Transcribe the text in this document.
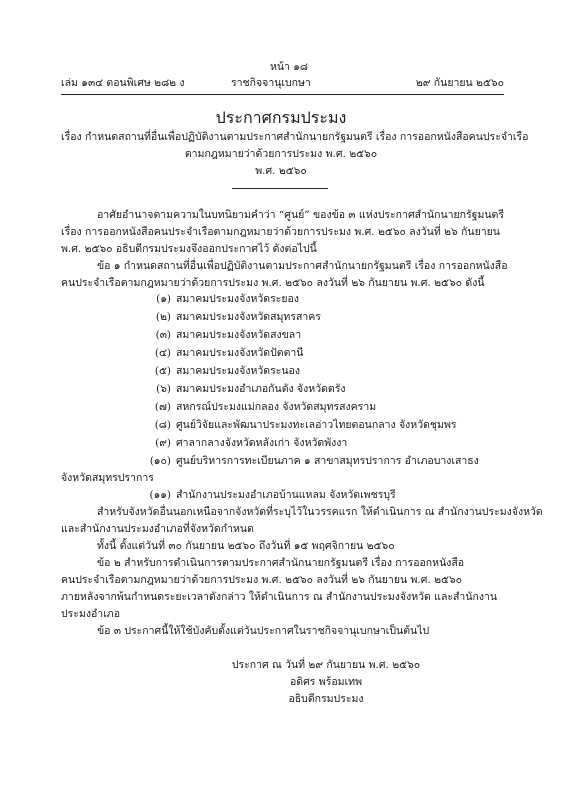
หน้า ๑๘
เล่ม ๑๓๔ ตอนพิเศษ ๒๘๒ ง	ราชกิจจานุเบกษา	๒๙ กันยายน ๒๕๖๐
ประกาศกรมประมง
เรื่อง กำหนดสถานที่อื่นเพื่อปฏิบัติงานตามประกาศสำนักนายกรัฐมนตรี เรื่อง การออกหนังสือคนประจำเรือ
ตามกฎหมายว่าด้วยการประมง พ.ศ. ๒๕๖๐
พ.ศ. ๒๕๖๐
อาศัยอำนาจตามความในบทนิยามคำว่า “ศูนย์” ของข้อ ๓ แห่งประกาศสำนักนายกรัฐมนตรี
เรื่อง การออกหนังสือคนประจำเรือตามกฎหมายว่าด้วยการประมง พ.ศ. ๒๕๖๐ ลงวันที่ ๒๖ กันยายน
พ.ศ. ๒๕๖๐ อธิบดีกรมประมงจึงออกประกาศไว้ ดังต่อไปนี้
ข้อ ๑ กำหนดสถานที่อื่นเพื่อปฏิบัติงานตามประกาศสำนักนายกรัฐมนตรี เรื่อง การออกหนังสือ
คนประจำเรือตามกฎหมายว่าด้วยการประมง พ.ศ. ๒๕๖๐ ลงวันที่ ๒๖ กันยายน พ.ศ. ๒๕๖๐ ดังนี้
(๑) สมาคมประมงจังหวัดระยอง
(๒) สมาคมประมงจังหวัดสมุทรสาคร
(๓) สมาคมประมงจังหวัดสงขลา
(๔) สมาคมประมงจังหวัดปัตตานี
(๕) สมาคมประมงจังหวัดระนอง
(๖) สมาคมประมงอำเภอกันตัง จังหวัดตรัง
(๗) สหกรณ์ประมงแม่กลอง จังหวัดสมุทรสงคราม
(๘) ศูนย์วิจัยและพัฒนาประมงทะเลอ่าวไทยตอนกลาง จังหวัดชุมพร
(๙) ศาลากลางจังหวัดหลังเก่า จังหวัดพังงา
(๑๐) ศูนย์บริหารการทะเบียนภาค ๑ สาขาสมุทรปราการ อำเภอบางเสาธง
จังหวัดสมุทรปราการ
(๑๑) สำนักงานประมงอำเภอบ้านแหลม จังหวัดเพชรบุรี
สำหรับจังหวัดอื่นนอกเหนือจากจังหวัดที่ระบุไว้ในวรรคแรก ให้ดำเนินการ ณ สำนักงานประมงจังหวัด
และสำนักงานประมงอำเภอที่จังหวัดกำหนด
ทั้งนี้ ตั้งแต่วันที่ ๓๐ กันยายน ๒๕๖๐ ถึงวันที่ ๑๕ พฤศจิกายน ๒๕๖๐
ข้อ ๒ สำหรับการดำเนินการตามประกาศสำนักนายกรัฐมนตรี เรื่อง การออกหนังสือ
คนประจำเรือตามกฎหมายว่าด้วยการประมง พ.ศ. ๒๕๖๐ ลงวันที่ ๒๖ กันยายน พ.ศ. ๒๕๖๐
ภายหลังจากพ้นกำหนดระยะเวลาดังกล่าว ให้ดำเนินการ ณ สำนักงานประมงจังหวัด และสำนักงาน
ประมงอำเภอ
ข้อ ๓ ประกาศนี้ให้ใช้บังคับตั้งแต่วันประกาศในราชกิจจานุเบกษาเป็นต้นไป
ประกาศ ณ วันที่ ๒๙ กันยายน พ.ศ. ๒๕๖๐
อดิศร พร้อมเทพ
อธิบดีกรมประมง
